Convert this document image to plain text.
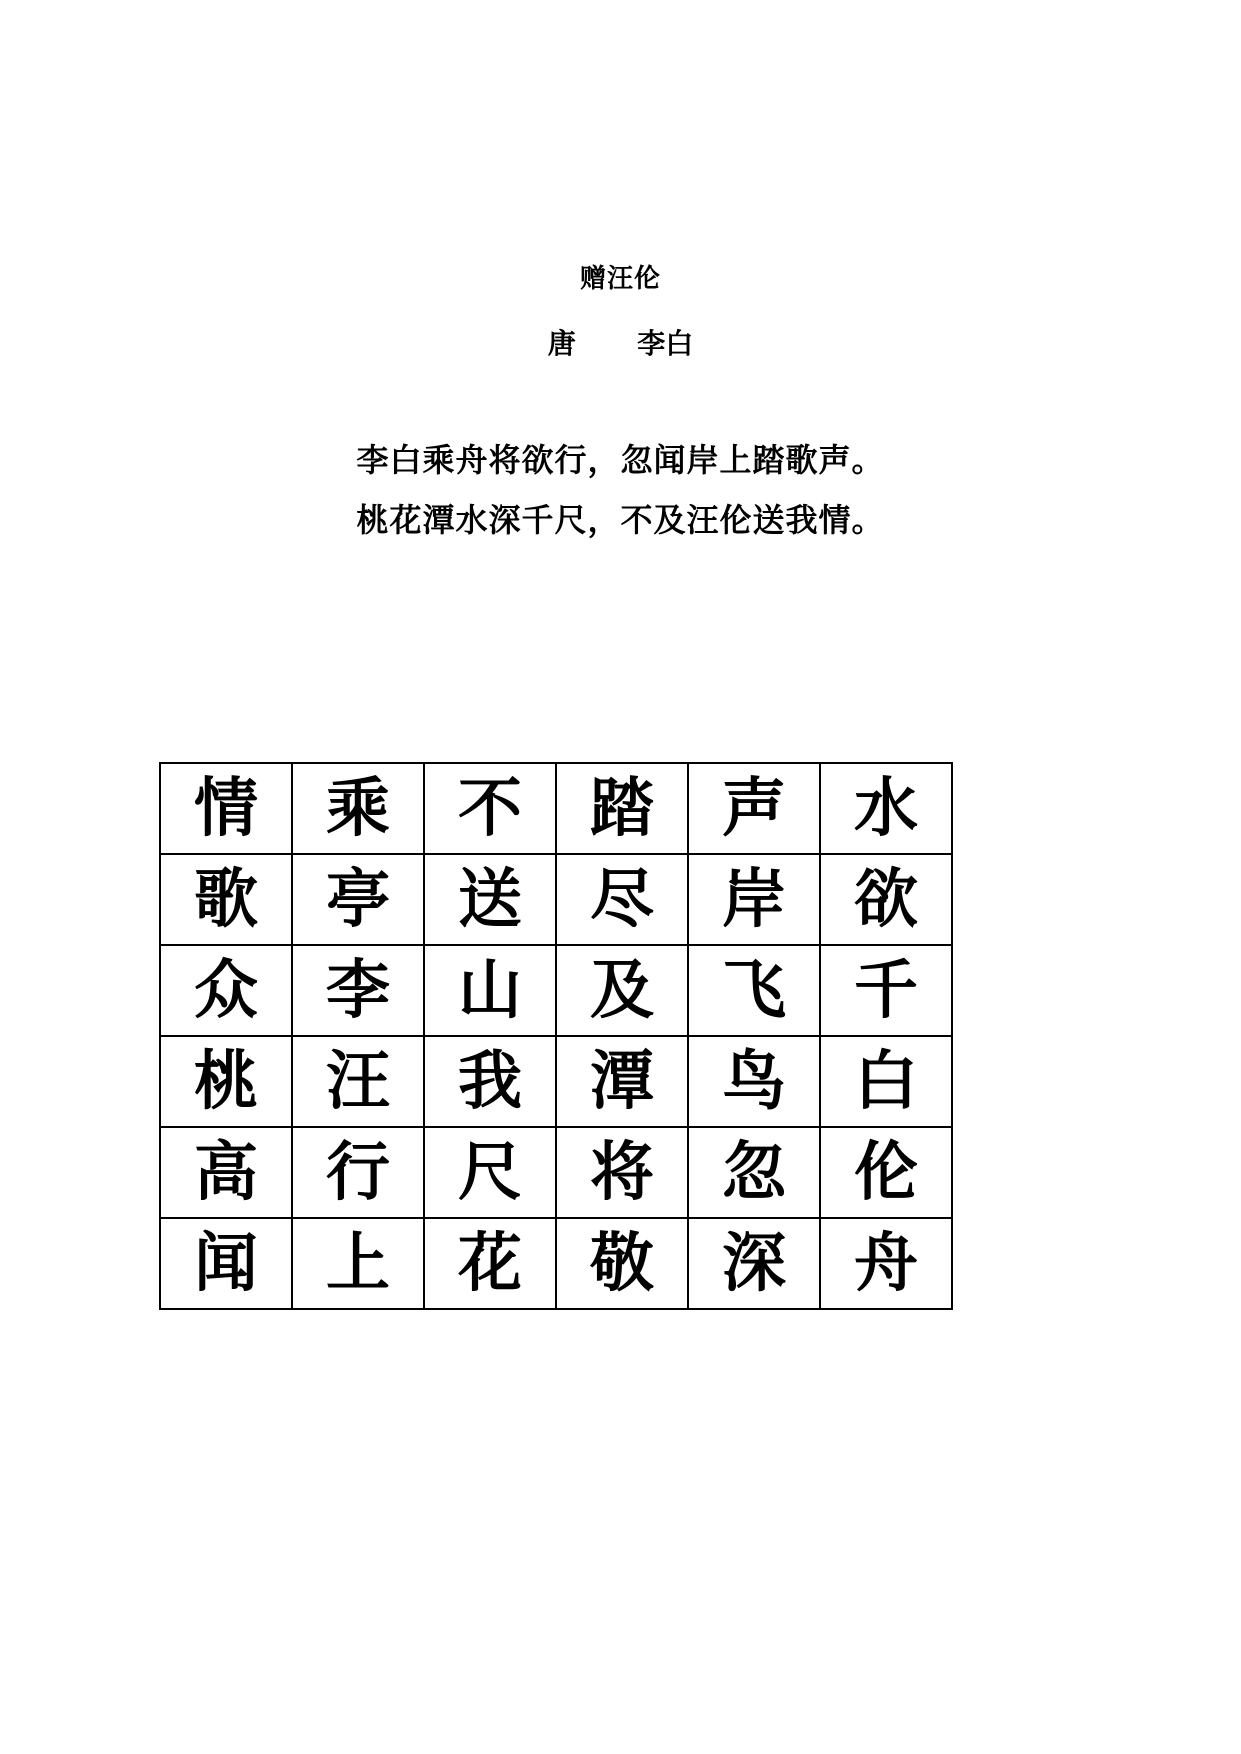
赠汪伦
唐 李白
李白乘舟将欲行，忽闻岸上踏歌声。
桃花潭水深千尺，不及汪伦送我情。
情	乘	不	踏	声	水
歌	亭	送	尽	岸	欲
众	李	山	及	飞	千
桃	汪	我	潭	鸟	白
高	行	尺	将	忽	伦
闻	上	花	敬	深	舟
